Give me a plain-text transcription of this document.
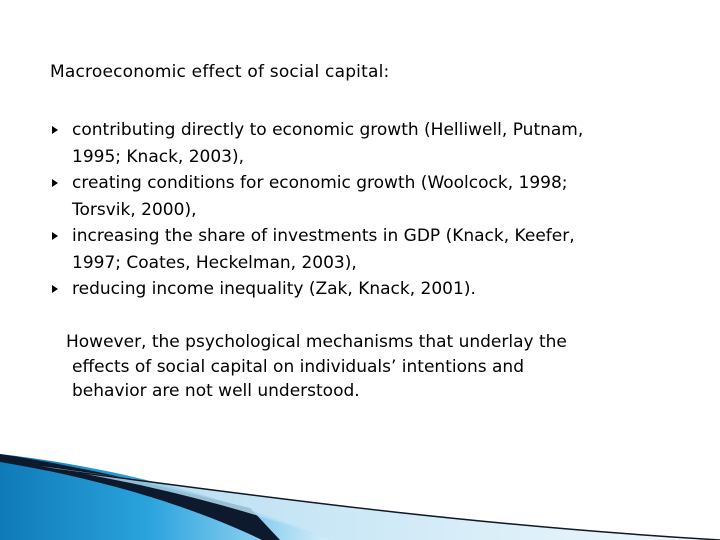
Macroeconomic effect of social capital:
contributing directly to economic growth (Helliwell, Putnam,
1995; Knack, 2003),
creating conditions for economic growth (Woolcock, 1998;
Torsvik, 2000),
increasing the share of investments in GDP (Knack, Keefer,
1997; Coates, Heckelman, 2003),
reducing income inequality (Zak, Knack, 2001).

However, the psychological mechanisms that underlay the
effects of social capital on individuals’ intentions and
behavior are not well understood.
